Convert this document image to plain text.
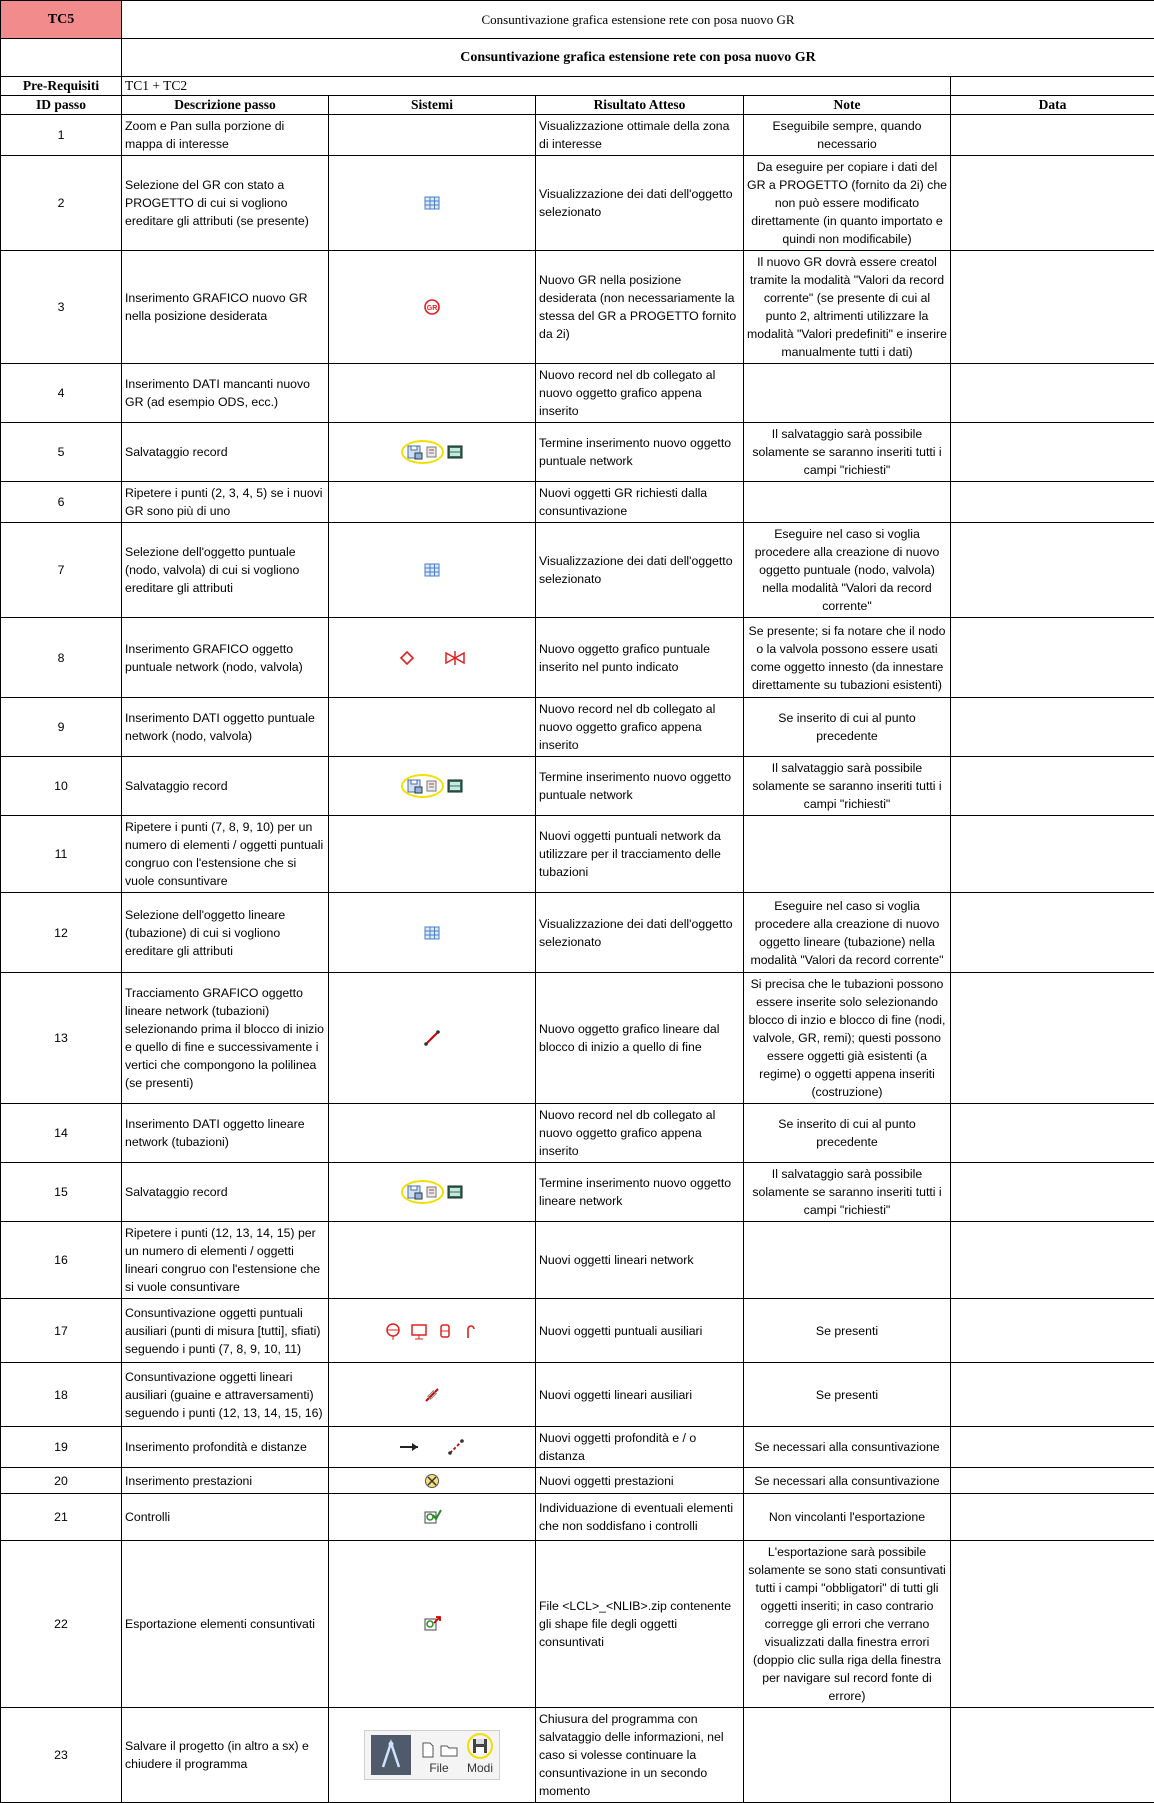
TC5	Consuntivazione grafica estensione rete con posa nuovo GR				
	Consuntivazione grafica estensione rete con posa nuovo GR				
Pre-Requisiti	TC1 + TC2				
ID passo	Descrizione passo	Sistemi	Risultato Atteso	Note	Data
1	Zoom e Pan sulla porzione di mappa di interesse		Visualizzazione ottimale della zona di interesse	Eseguibile sempre, quando necessario	
2	Selezione del GR con stato a PROGETTO di cui si vogliono ereditare gli attributi (se presente)		Visualizzazione dei dati dell'oggetto selezionato	Da eseguire per copiare i dati del GR a PROGETTO (fornito da 2i) che non può essere modificato direttamente (in quanto importato e quindi non modificabile)	
3	Inserimento GRAFICO nuovo GR nella posizione desiderata	GR	Nuovo GR nella posizione desiderata (non necessariamente la stessa del GR a PROGETTO fornito da 2i)	Il nuovo GR dovrà essere creatol tramite la modalità "Valori da record corrente" (se presente di cui al punto 2, altrimenti utilizzare la modalità "Valori predefiniti" e inserire manualmente tutti i dati)	
4	Inserimento DATI mancanti nuovo GR (ad esempio ODS, ecc.)		Nuovo record nel db collegato al nuovo oggetto grafico appena inserito		
5	Salvataggio record		Termine inserimento nuovo oggetto puntuale network	Il salvataggio sarà possibile solamente se saranno inseriti tutti i campi "richiesti"	
6	Ripetere i punti (2, 3, 4, 5) se i nuovi GR sono più di uno		Nuovi oggetti GR richiesti dalla consuntivazione		
7	Selezione dell'oggetto puntuale (nodo, valvola) di cui si vogliono ereditare gli attributi		Visualizzazione dei dati dell'oggetto selezionato	Eseguire nel caso si voglia procedere alla creazione di nuovo oggetto puntuale (nodo, valvola) nella modalità "Valori da record corrente"	
8	Inserimento GRAFICO oggetto puntuale network (nodo, valvola)		Nuovo oggetto grafico puntuale inserito nel punto indicato	Se presente; si fa notare che il nodo o la valvola possono essere usati come oggetto innesto (da innestare direttamente su tubazioni esistenti)	
9	Inserimento DATI oggetto puntuale network (nodo, valvola)		Nuovo record nel db collegato al nuovo oggetto grafico appena inserito	Se inserito di cui al punto precedente	
10	Salvataggio record		Termine inserimento nuovo oggetto puntuale network	Il salvataggio sarà possibile solamente se saranno inseriti tutti i campi "richiesti"	
11	Ripetere i punti (7, 8, 9, 10) per un numero di elementi / oggetti puntuali congruo con l'estensione che si vuole consuntivare		Nuovi oggetti puntuali network da utilizzare per il tracciamento delle tubazioni		
12	Selezione dell'oggetto lineare (tubazione) di cui si vogliono ereditare gli attributi		Visualizzazione dei dati dell'oggetto selezionato	Eseguire nel caso si voglia procedere alla creazione di nuovo oggetto lineare (tubazione) nella modalità "Valori da record corrente"	
13	Tracciamento GRAFICO oggetto lineare network (tubazioni) selezionando prima il blocco di inizio e quello di fine e successivamente i vertici che compongono la polilinea (se presenti)		Nuovo oggetto grafico lineare dal blocco di inizio a quello di fine	Si precisa che le tubazioni possono essere inserite solo selezionando blocco di inzio e blocco di fine (nodi, valvole, GR, remi); questi possono essere oggetti già esistenti (a regime) o oggetti appena inseriti (costruzione)	
14	Inserimento DATI oggetto lineare network (tubazioni)		Nuovo record nel db collegato al nuovo oggetto grafico appena inserito	Se inserito di cui al punto precedente	
15	Salvataggio record		Termine inserimento nuovo oggetto lineare network	Il salvataggio sarà possibile solamente se saranno inseriti tutti i campi "richiesti"	
16	Ripetere i punti (12, 13, 14, 15) per un numero di elementi / oggetti lineari congruo con l'estensione che si vuole consuntivare		Nuovi oggetti lineari network		
17	Consuntivazione oggetti puntuali ausiliari (punti di misura [tutti], sfiati) seguendo i punti (7, 8, 9, 10, 11)		Nuovi oggetti puntuali ausiliari	Se presenti	
18	Consuntivazione oggetti lineari ausiliari (guaine e attraversamenti) seguendo i punti (12, 13, 14, 15, 16)		Nuovi oggetti lineari ausiliari	Se presenti	
19	Inserimento profondità e distanze		Nuovi oggetti profondità e / o distanza	Se necessari alla consuntivazione	
20	Inserimento prestazioni		Nuovi oggetti prestazioni	Se necessari alla consuntivazione	
21	Controlli		Individuazione di eventuali elementi che non soddisfano i controlli	Non vincolanti l'esportazione	
22	Esportazione elementi consuntivati		File <LCL>_<NLIB>.zip contenente gli shape file degli oggetti consuntivati	L'esportazione sarà possibile solamente se sono stati consuntivati tutti i campi "obbligatori" di tutti gli oggetti inseriti; in caso contrario corregge gli errori che verrano visualizzati dalla finestra errori (doppio clic sulla riga della finestra per navigare sul record fonte di errore)	
23	Salvare il progetto (in altro a sx) e chiudere il programma	File Modi	Chiusura del programma con salvataggio delle informazioni, nel caso si volesse continuare la consuntivazione in un secondo momento		
